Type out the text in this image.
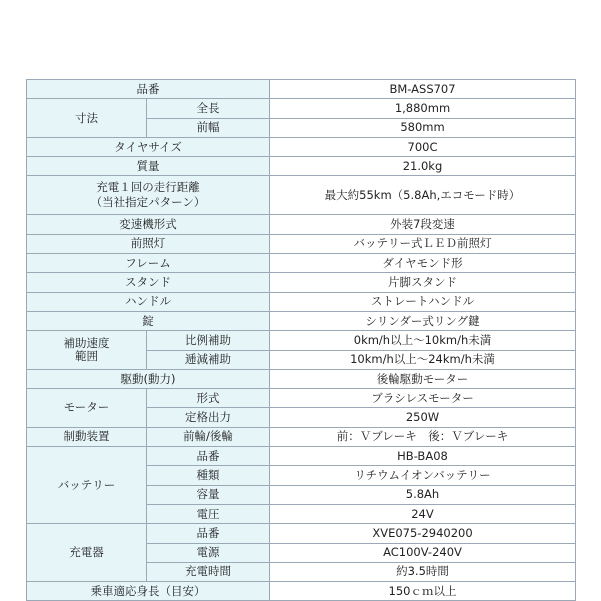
品番		BM-ASS707
寸法	全長	1,880mm
	前幅	580mm
タイヤサイズ		700C
質量		21.0kg
充電１回の走行距離
（当社指定パターン）		最大約55km（5.8Ah,エコモード時）
変速機形式		外装7段変速
前照灯		バッテリー式ＬＥＤ前照灯
フレーム		ダイヤモンド形
スタンド		片脚スタンド
ハンドル		ストレートハンドル
錠		シリンダー式リング鍵
補助速度
範囲	比例補助	0km/h以上〜10km/h未満
	逓減補助	10km/h以上〜24km/h未満
駆動(動力)		後輪駆動モーター
モーター	形式	ブラシレスモーター
	定格出力	250W
制動装置	前輪/後輪	前：Ｖブレーキ　後：Ｖブレーキ
バッテリー	品番	HB-BA08
	種類	リチウムイオンバッテリー
	容量	5.8Ah
	電圧	24V
充電器	品番	XVE075-2940200
	電源	AC100V-240V
	充電時間	約3.5時間
乗車適応身長（目安）		150ｃｍ以上
